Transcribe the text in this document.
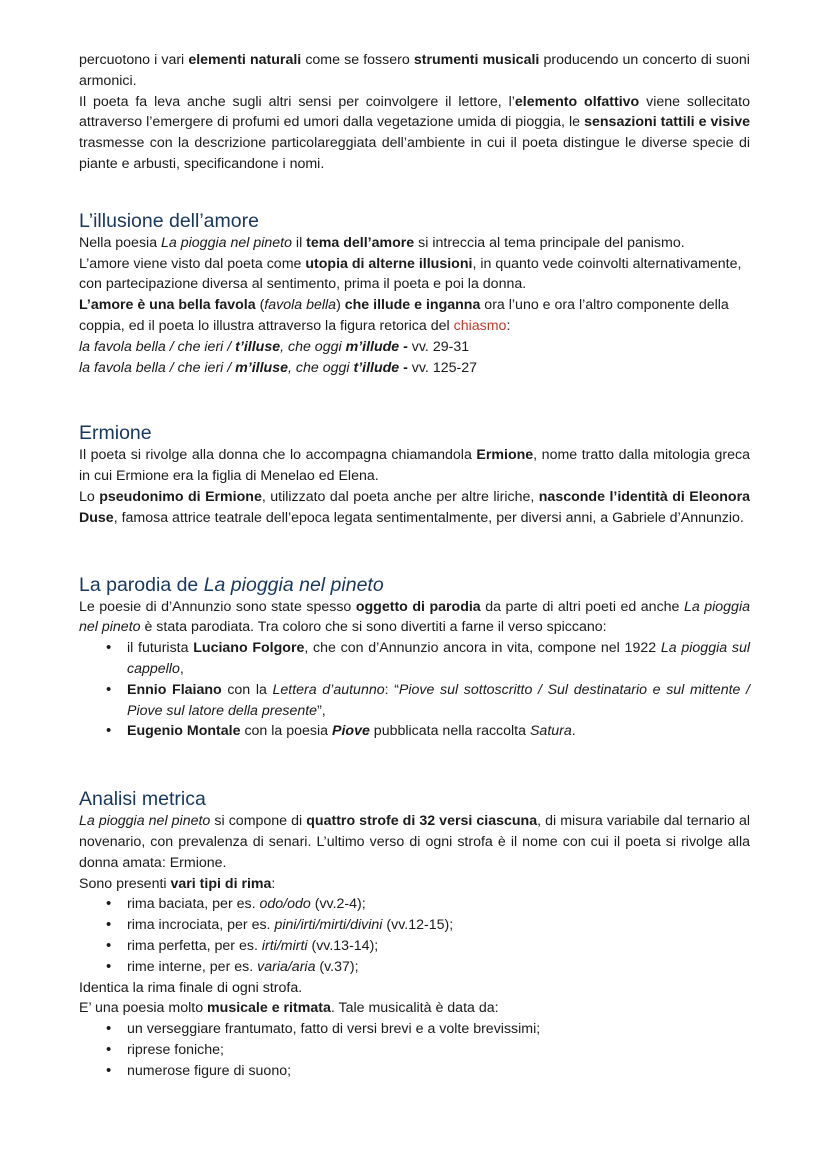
percuotono i vari elementi naturali come se fossero strumenti musicali producendo un concerto di suoni armonici.

Il poeta fa leva anche sugli altri sensi per coinvolgere il lettore, l’elemento olfattivo viene sollecitato attraverso l’emergere di profumi ed umori dalla vegetazione umida di pioggia, le sensazioni tattili e visive trasmesse con la descrizione particolareggiata dell’ambiente in cui il poeta distingue le diverse specie di piante e arbusti, specificandone i nomi.

L’illusione dell’amore

Nella poesia La pioggia nel pineto il tema dell’amore si intreccia al tema principale del panismo.

L’amore viene visto dal poeta come utopia di alterne illusioni, in quanto vede coinvolti alternativamente, con partecipazione diversa al sentimento, prima il poeta e poi la donna.

L’amore è una bella favola (favola bella) che illude e inganna ora l’uno e ora l’altro componente della coppia, ed il poeta lo illustra attraverso la figura retorica del chiasmo:

la favola bella / che ieri / t’illuse, che oggi m’illude - vv. 29-31

la favola bella / che ieri / m’illuse, che oggi t’illude - vv. 125-27

Ermione

Il poeta si rivolge alla donna che lo accompagna chiamandola Ermione, nome tratto dalla mitologia greca in cui Ermione era la figlia di Menelao ed Elena.

Lo pseudonimo di Ermione, utilizzato dal poeta anche per altre liriche, nasconde l’identità di Eleonora Duse, famosa attrice teatrale dell’epoca legata sentimentalmente, per diversi anni, a Gabriele d’Annunzio.

La parodia de La pioggia nel pineto

Le poesie di d’Annunzio sono state spesso oggetto di parodia da parte di altri poeti ed anche La pioggia nel pineto è stata parodiata. Tra coloro che si sono divertiti a farne il verso spiccano:

• il futurista Luciano Folgore, che con d’Annunzio ancora in vita, compone nel 1922 La pioggia sul cappello,
• Ennio Flaiano con la Lettera d’autunno: “Piove sul sottoscritto / Sul destinatario e sul mittente / Piove sul latore della presente”,
• Eugenio Montale con la poesia Piove pubblicata nella raccolta Satura.
Analisi metrica

La pioggia nel pineto si compone di quattro strofe di 32 versi ciascuna, di misura variabile dal ternario al novenario, con prevalenza di senari. L’ultimo verso di ogni strofa è il nome con cui il poeta si rivolge alla donna amata: Ermione.

Sono presenti vari tipi di rima:

• rima baciata, per es. odo/odo (vv.2-4);
• rima incrociata, per es. pini/irti/mirti/divini (vv.12-15);
• rima perfetta, per es. irti/mirti (vv.13-14);
• rime interne, per es. varia/aria (v.37);

Identica la rima finale di ogni strofa.

E’ una poesia molto musicale e ritmata. Tale musicalità è data da:

• un verseggiare frantumato, fatto di versi brevi e a volte brevissimi;
• riprese foniche;
• numerose figure di suono;
